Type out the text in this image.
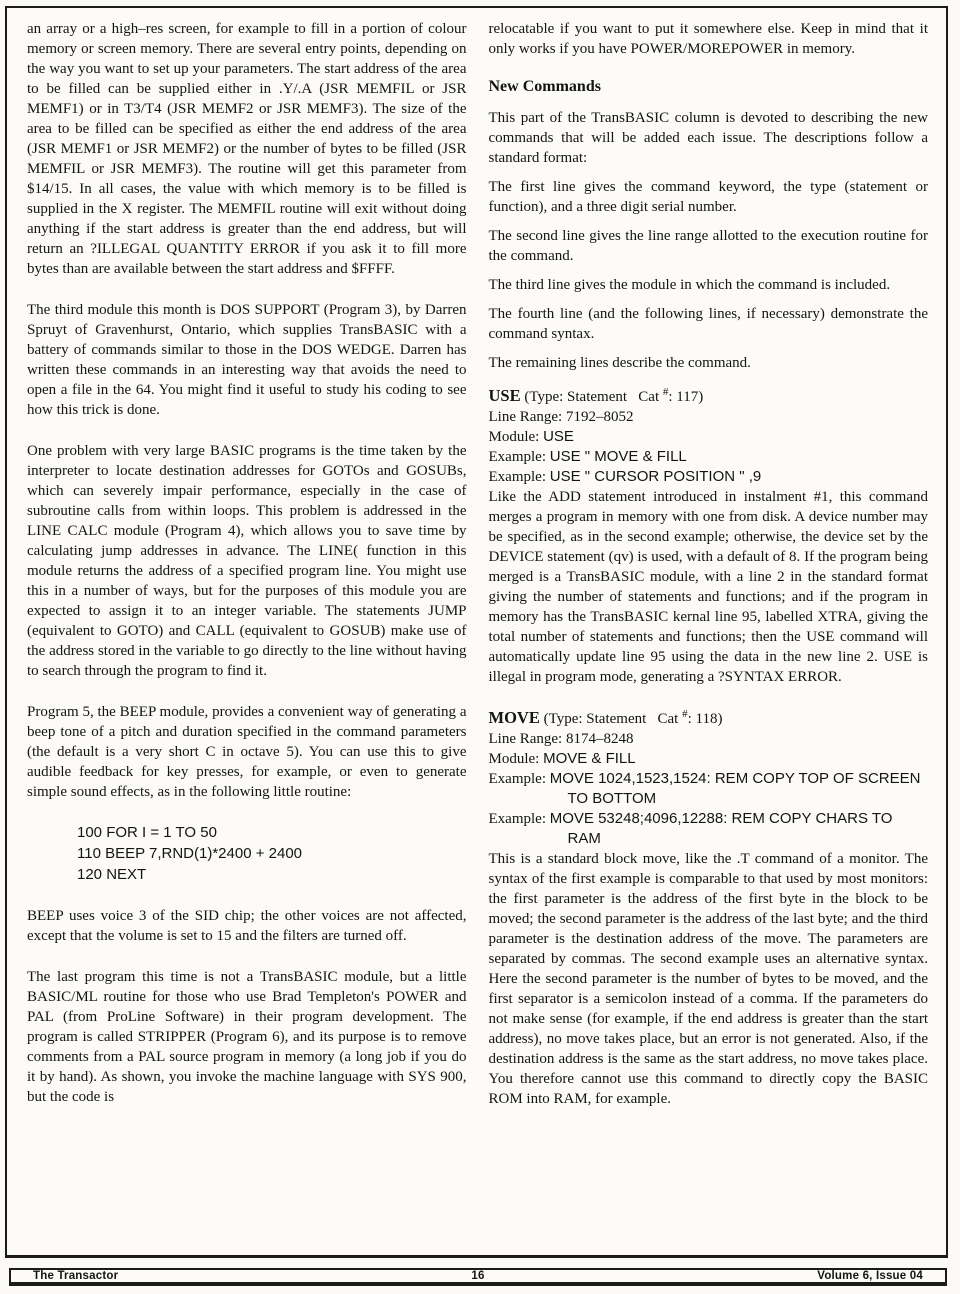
an array or a high–res screen, for example to fill in a portion of colour memory or screen memory. There are several entry points, depending on the way you want to set up your parameters. The start address of the area to be filled can be supplied either in .Y/.A (JSR MEMFIL or JSR MEMF1) or in T3/T4 (JSR MEMF2 or JSR MEMF3). The size of the area to be filled can be specified as either the end address of the area (JSR MEMF1 or JSR MEMF2) or the number of bytes to be filled (JSR MEMFIL or JSR MEMF3). The routine will get this parameter from $14/15. In all cases, the value with which memory is to be filled is supplied in the X register. The MEMFIL routine will exit without doing anything if the start address is greater than the end address, but will return an ?ILLEGAL QUANTITY ERROR if you ask it to fill more bytes than are available between the start address and $FFFF.

The third module this month is DOS SUPPORT (Program 3), by Darren Spruyt of Gravenhurst, Ontario, which supplies TransBASIC with a battery of commands similar to those in the DOS WEDGE. Darren has written these commands in an interesting way that avoids the need to open a file in the 64. You might find it useful to study his coding to see how this trick is done.

One problem with very large BASIC programs is the time taken by the interpreter to locate destination addresses for GOTOs and GOSUBs, which can severely impair performance, especially in the case of subroutine calls from within loops. This problem is addressed in the LINE CALC module (Program 4), which allows you to save time by calculating jump addresses in advance. The LINE( function in this module returns the address of a specified program line. You might use this in a number of ways, but for the purposes of this module you are expected to assign it to an integer variable. The statements JUMP (equivalent to GOTO) and CALL (equivalent to GOSUB) make use of the address stored in the variable to go directly to the line without having to search through the program to find it.

Program 5, the BEEP module, provides a convenient way of generating a beep tone of a pitch and duration specified in the command parameters (the default is a very short C in octave 5). You can use this to give audible feedback for key presses, for example, or even to generate simple sound effects, as in the following little routine:

100 FOR I = 1 TO 50
110 BEEP 7,RND(1)*2400 + 2400
120 NEXT

BEEP uses voice 3 of the SID chip; the other voices are not affected, except that the volume is set to 15 and the filters are turned off.

The last program this time is not a TransBASIC module, but a little BASIC/ML routine for those who use Brad Templeton's POWER and PAL (from ProLine Software) in their program development. The program is called STRIPPER (Program 6), and its purpose is to remove comments from a PAL source program in memory (a long job if you do it by hand). As shown, you invoke the machine language with SYS 900, but the code is

relocatable if you want to put it somewhere else. Keep in mind that it only works if you have POWER/MOREPOWER in memory.

New Commands

This part of the TransBASIC column is devoted to describing the new commands that will be added each issue. The descriptions follow a standard format:

The first line gives the command keyword, the type (statement or function), and a three digit serial number.

The second line gives the line range allotted to the execution routine for the command.

The third line gives the module in which the command is included.

The fourth line (and the following lines, if necessary) demonstrate the command syntax.

The remaining lines describe the command.

USE (Type: Statement   Cat #: 117)
Line Range: 7192–8052
Module: USE
Example: USE " MOVE & FILL
Example: USE " CURSOR POSITION " ,9

Like the ADD statement introduced in instalment #1, this command merges a program in memory with one from disk. A device number may be specified, as in the second example; otherwise, the device set by the DEVICE statement (qv) is used, with a default of 8. If the program being merged is a TransBASIC module, with a line 2 in the standard format giving the number of statements and functions; and if the program in memory has the TransBASIC kernal line 95, labelled XTRA, giving the total number of statements and functions; then the USE command will automatically update line 95 using the data in the new line 2. USE is illegal in program mode, generating a ?SYNTAX ERROR.

MOVE (Type: Statement   Cat #: 118)
Line Range: 8174–8248
Module: MOVE & FILL
Example: MOVE 1024,1523,1524: REM COPY TOP OF SCREEN TO BOTTOM
Example: MOVE 53248;4096,12288: REM COPY CHARS TO RAM

This is a standard block move, like the .T command of a monitor. The syntax of the first example is comparable to that used by most monitors: the first parameter is the address of the first byte in the block to be moved; the second parameter is the address of the last byte; and the third parameter is the destination address of the move. The parameters are separated by commas. The second example uses an alternative syntax. Here the second parameter is the number of bytes to be moved, and the first separator is a semicolon instead of a comma. If the parameters do not make sense (for example, if the end address is greater than the start address), no move takes place, but an error is not generated. Also, if the destination address is the same as the start address, no move takes place. You therefore cannot use this command to directly copy the BASIC ROM into RAM, for example.

The Transactor	16	Volume 6, Issue 04
